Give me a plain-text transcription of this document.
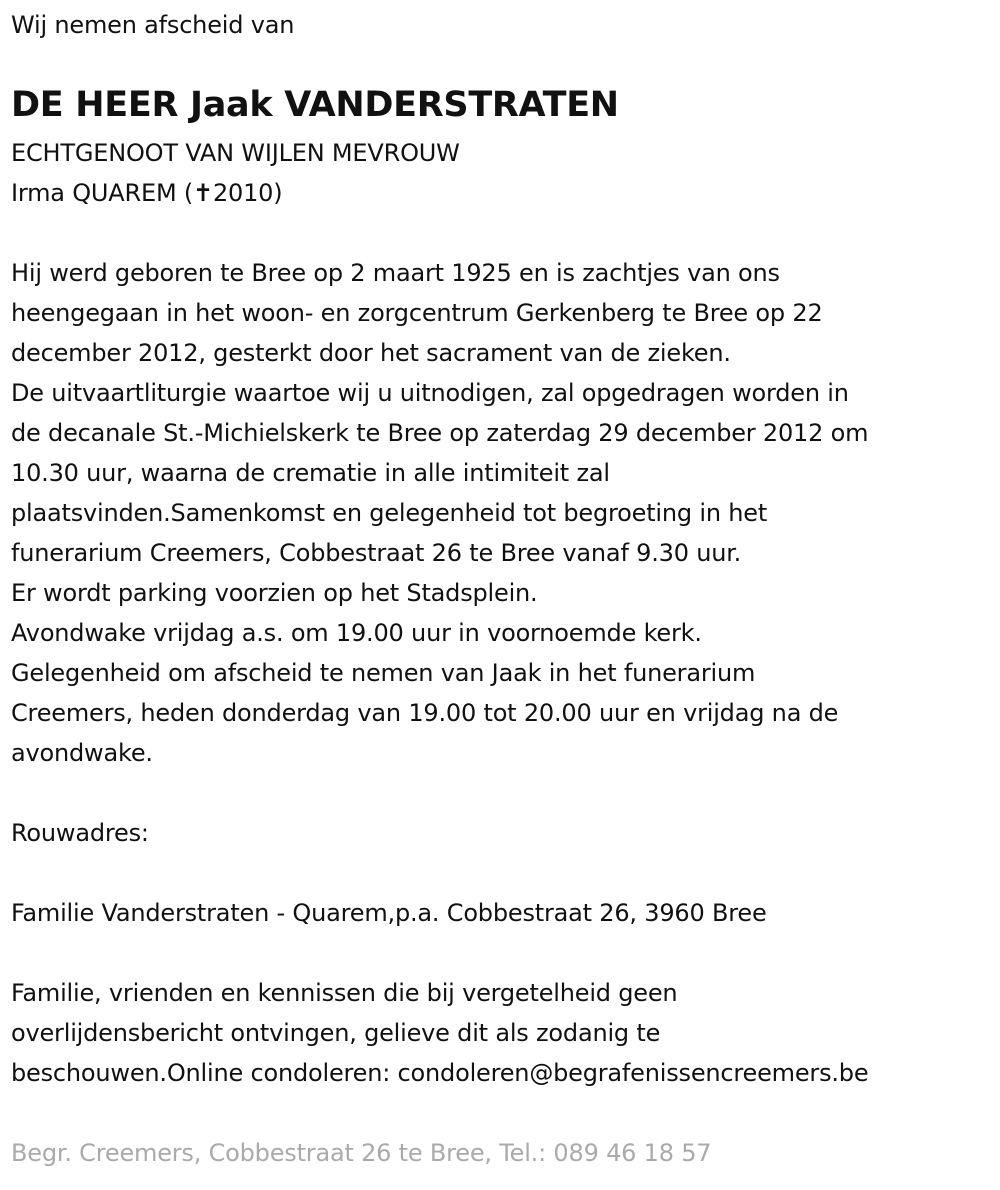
Wij nemen afscheid van
DE HEER Jaak VANDERSTRATEN
ECHTGENOOT VAN WIJLEN MEVROUW
Irma QUAREM (✝2010)
Hij werd geboren te Bree op 2 maart 1925 en is zachtjes van ons
heengegaan in het woon- en zorgcentrum Gerkenberg te Bree op 22
december 2012, gesterkt door het sacrament van de zieken.
De uitvaartliturgie waartoe wij u uitnodigen, zal opgedragen worden in
de decanale St.-Michielskerk te Bree op zaterdag 29 december 2012 om
10.30 uur, waarna de crematie in alle intimiteit zal
plaatsvinden.Samenkomst en gelegenheid tot begroeting in het
funerarium Creemers, Cobbestraat 26 te Bree vanaf 9.30 uur.
Er wordt parking voorzien op het Stadsplein.
Avondwake vrijdag a.s. om 19.00 uur in voornoemde kerk.
Gelegenheid om afscheid te nemen van Jaak in het funerarium
Creemers, heden donderdag van 19.00 tot 20.00 uur en vrijdag na de
avondwake.
Rouwadres:
Familie Vanderstraten - Quarem,p.a. Cobbestraat 26, 3960 Bree
Familie, vrienden en kennissen die bij vergetelheid geen
overlijdensbericht ontvingen, gelieve dit als zodanig te
beschouwen.Online condoleren: condoleren@begrafenissencreemers.be
Begr. Creemers, Cobbestraat 26 te Bree, Tel.: 089 46 18 57
